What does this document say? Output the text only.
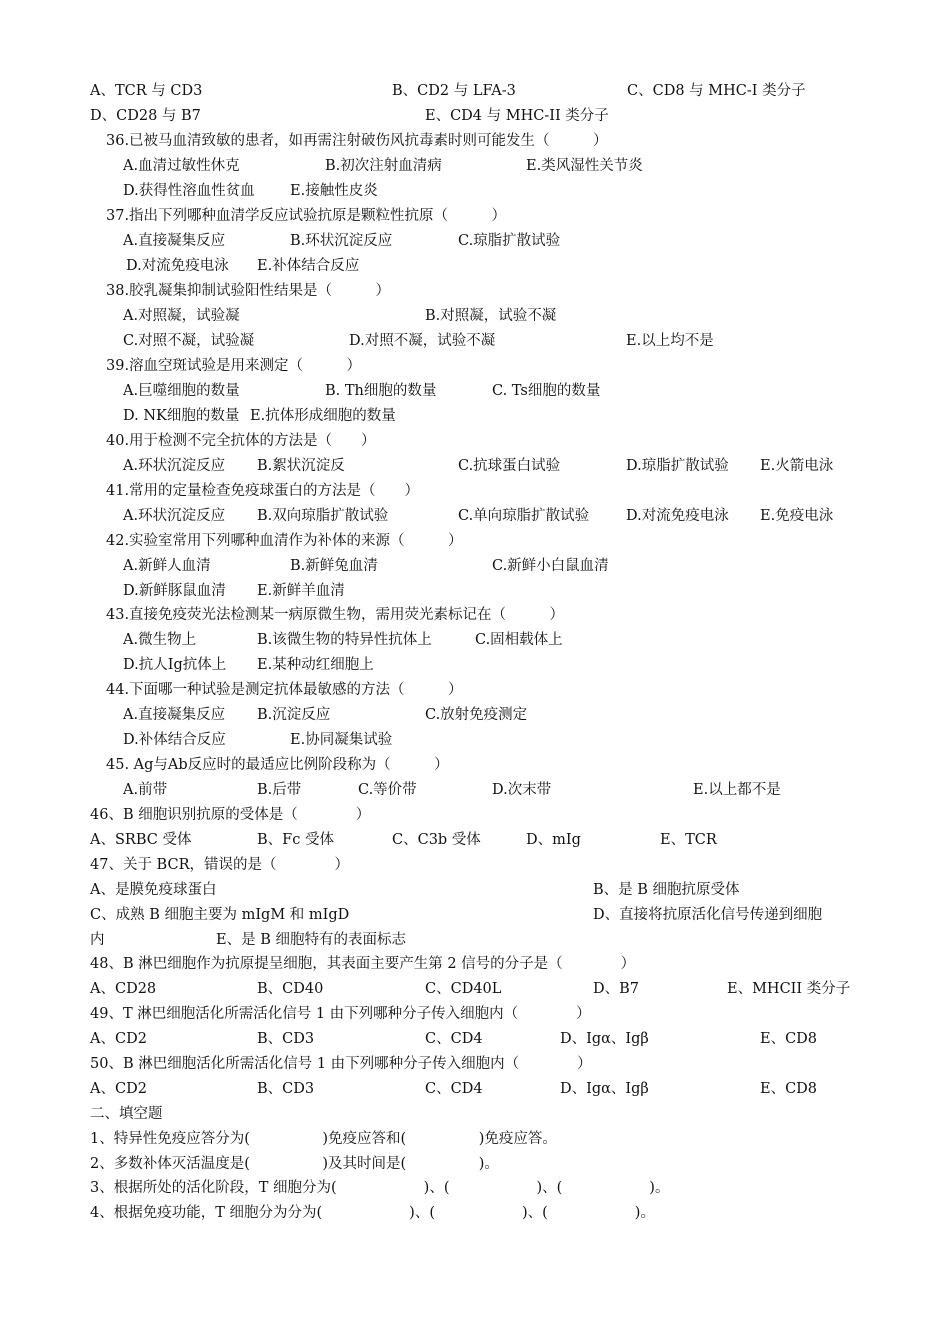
A、TCR 与 CD3	B、CD2 与 LFA-3	C、CD8 与 MHC-I 类分子
D、CD28 与 B7	E、CD4 与 MHC-II 类分子
36.已被马血清致敏的患者，如再需注射破伤风抗毒素时则可能发生（　　　）
A.血清过敏性休克	B.初次注射血清病	E.类风湿性关节炎
D.获得性溶血性贫血 E.接触性皮炎
37.指出下列哪种血清学反应试验抗原是颗粒性抗原（　　　）
A.直接凝集反应	B.环状沉淀反应	C.琼脂扩散试验
D.对流免疫电泳 E.补体结合反应
38.胶乳凝集抑制试验阳性结果是（　　　）
A.对照凝，试验凝	B.对照凝，试验不凝
C.对照不凝，试验凝	D.对照不凝，试验不凝	E.以上均不是
39.溶血空斑试验是用来测定（　　　）
A.巨噬细胞的数量	B. Th细胞的数量	C. Ts细胞的数量
D. NK细胞的数量 E.抗体形成细胞的数量
40.用于检测不完全抗体的方法是（　　）
A.环状沉淀反应 B.絮状沉淀反	C.抗球蛋白试验	D.琼脂扩散试验 E.火箭电泳
41.常用的定量检查免疫球蛋白的方法是（　　）
A.环状沉淀反应 B.双向琼脂扩散试验	C.单向琼脂扩散试验	D.对流免疫电泳 E.免疫电泳
42.实验室常用下列哪种血清作为补体的来源（　　　）
A.新鲜人血清	B.新鲜兔血清	C.新鲜小白鼠血清
D.新鲜豚鼠血清 E.新鲜羊血清
43.直接免疫荧光法检测某一病原微生物，需用荧光素标记在（　　　）
A.微生物上	B.该微生物的特异性抗体上	C.固相载体上
D.抗人Ig抗体上 E.某种动红细胞上
44.下面哪一种试验是测定抗体最敏感的方法（　　　）
A.直接凝集反应 B.沉淀反应	C.放射免疫测定
D.补体结合反应	E.协同凝集试验
45. Ag与Ab反应时的最适应比例阶段称为（　　　）
A.前带	B.后带	C.等价带	D.次末带	E.以上都不是
46、B 细胞识别抗原的受体是（　　　　）
A、SRBC 受体	B、Fc 受体	C、C3b 受体	D、mIg	E、TCR
47、关于 BCR，错误的是（　　　　）
A、是膜免疫球蛋白	B、是 B 细胞抗原受体
C、成熟 B 细胞主要为 mIgM 和 mIgD	D、直接将抗原活化信号传递到细胞
内	E、是 B 细胞特有的表面标志
48、B 淋巴细胞作为抗原提呈细胞，其表面主要产生第 2 信号的分子是（　　　　）
A、CD28	B、CD40	C、CD40L	D、B7	E、MHCII 类分子
49、T 淋巴细胞活化所需活化信号 1 由下列哪种分子传入细胞内（　　　　）
A、CD2	B、CD3	C、CD4	D、Igα、Igβ	E、CD8
50、B 淋巴细胞活化所需活化信号 1 由下列哪种分子传入细胞内（　　　　）
A、CD2	B、CD3	C、CD4	D、Igα、Igβ	E、CD8
二、填空题
1、特异性免疫应答分为(　　　　　)免疫应答和(　　　　　)免疫应答。
2、多数补体灭活温度是(　　　　　)及其时间是(　　　　　)。
3、根据所处的活化阶段，T 细胞分为(　　　　　　)、(　　　　　　)、(　　　　　　)。
4、根据免疫功能，T 细胞分为分为(　　　　　　)、(　　　　　　)、(　　　　　　)。
